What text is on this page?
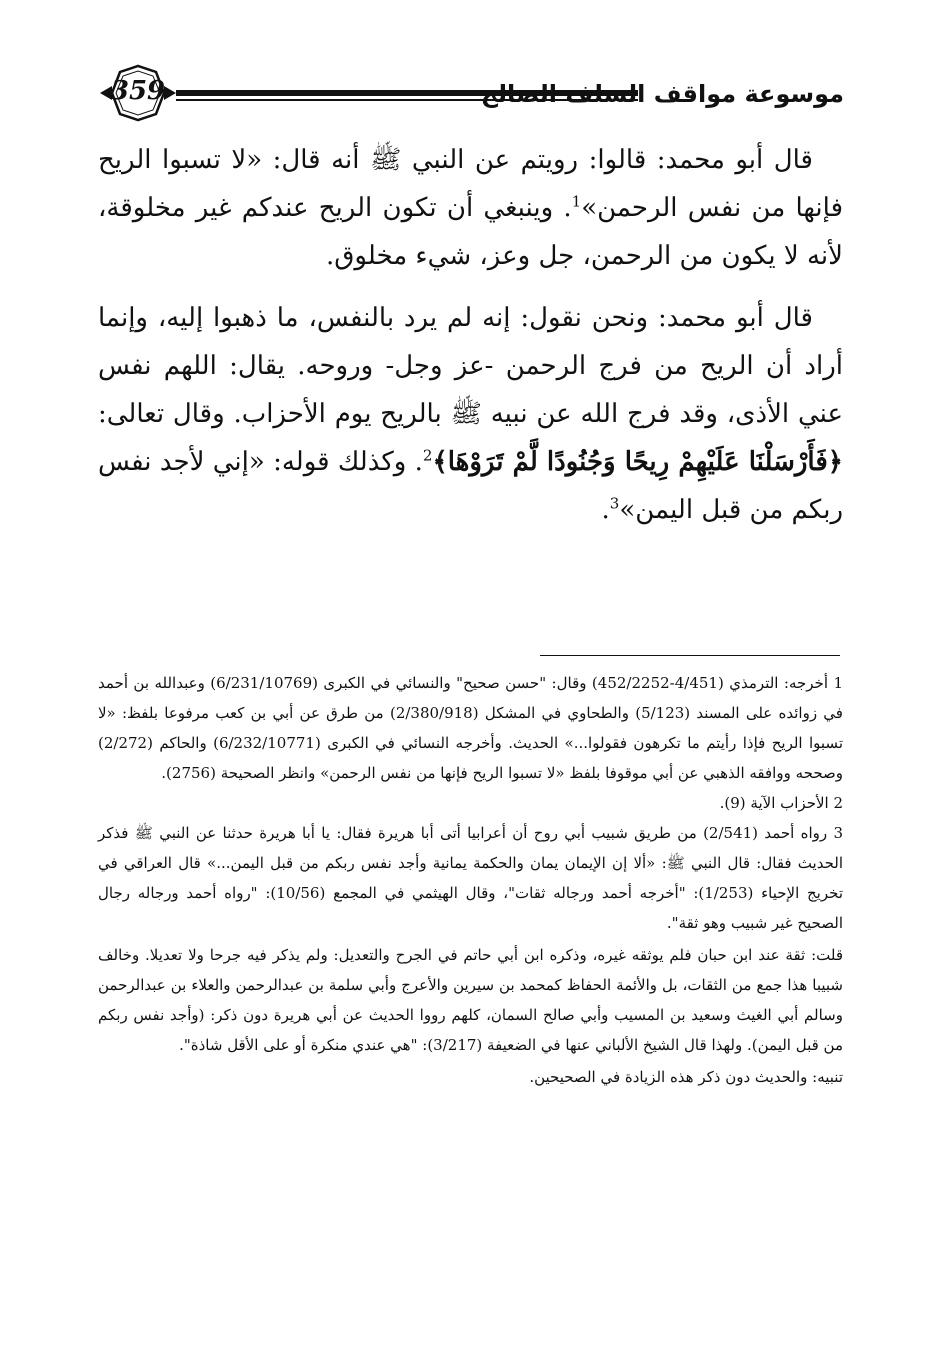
359	موسوعة مواقف السلف الصالح

قال أبو محمد: قالوا: رويتم عن النبي ﷺ أنه قال: «لا تسبوا الريح فإنها من نفس الرحمن»$^1$. وينبغي أن تكون الريح عندكم غير مخلوقة، لأنه لا يكون من الرحمن، جل وعز، شيء مخلوق.

قال أبو محمد: ونحن نقول: إنه لم يرد بالنفس، ما ذهبوا إليه، وإنما أراد أن الريح من فرج الرحمن -عز وجل- وروحه. يقال: اللهم نفس عني الأذى، وقد فرج الله عن نبيه ﷺ بالريح يوم الأحزاب. وقال تعالى: ﴿فَأَرْسَلْنَا عَلَيْهِمْ رِيحًا وَجُنُودًا لَّمْ تَرَوْهَا﴾$^2$. وكذلك قوله: «إني لأجد نفس ربكم من قبل اليمن»$^3$.

1 أخرجه: الترمذي (4/451-452/2252) وقال: "حسن صحيح" والنسائي في الكبرى (6/231/10769) وعبدالله بن أحمد في زوائده على المسند (5/123) والطحاوي في المشكل (2/380/918) من طرق عن أبي بن كعب مرفوعا بلفظ: «لا تسبوا الريح فإذا رأيتم ما تكرهون فقولوا...» الحديث. وأخرجه النسائي في الكبرى (6/232/10771) والحاكم (2/272) وصححه ووافقه الذهبي عن أبي موقوفا بلفظ «لا تسبوا الريح فإنها من نفس الرحمن» وانظر الصحيحة (2756).

2 الأحزاب الآية (9).

3 رواه أحمد (2/541) من طريق شبيب أبي روح أن أعرابيا أتى أبا هريرة فقال: يا أبا هريرة حدثنا عن النبي ﷺ فذكر الحديث فقال: قال النبي ﷺ: «ألا إن الإيمان يمان والحكمة يمانية وأجد نفس ربكم من قبل اليمن...» قال العراقي في تخريج الإحياء (1/253): "أخرجه أحمد ورجاله ثقات"، وقال الهيثمي في المجمع (10/56): "رواه أحمد ورجاله رجال الصحيح غير شبيب وهو ثقة".

قلت: ثقة عند ابن حبان فلم يوثقه غيره، وذكره ابن أبي حاتم في الجرح والتعديل: ولم يذكر فيه جرحا ولا تعديلا. وخالف شبيبا هذا جمع من الثقات، بل والأئمة الحفاظ كمحمد بن سيرين والأعرج وأبي سلمة بن عبدالرحمن والعلاء بن عبدالرحمن وسالم أبي الغيث وسعيد بن المسيب وأبي صالح السمان، كلهم رووا الحديث عن أبي هريرة دون ذكر: (وأجد نفس ربكم من قبل اليمن). ولهذا قال الشيخ الألباني عنها في الضعيفة (3/217): "هي عندي منكرة أو على الأقل شاذة".

تنبيه: والحديث دون ذكر هذه الزيادة في الصحيحين.
